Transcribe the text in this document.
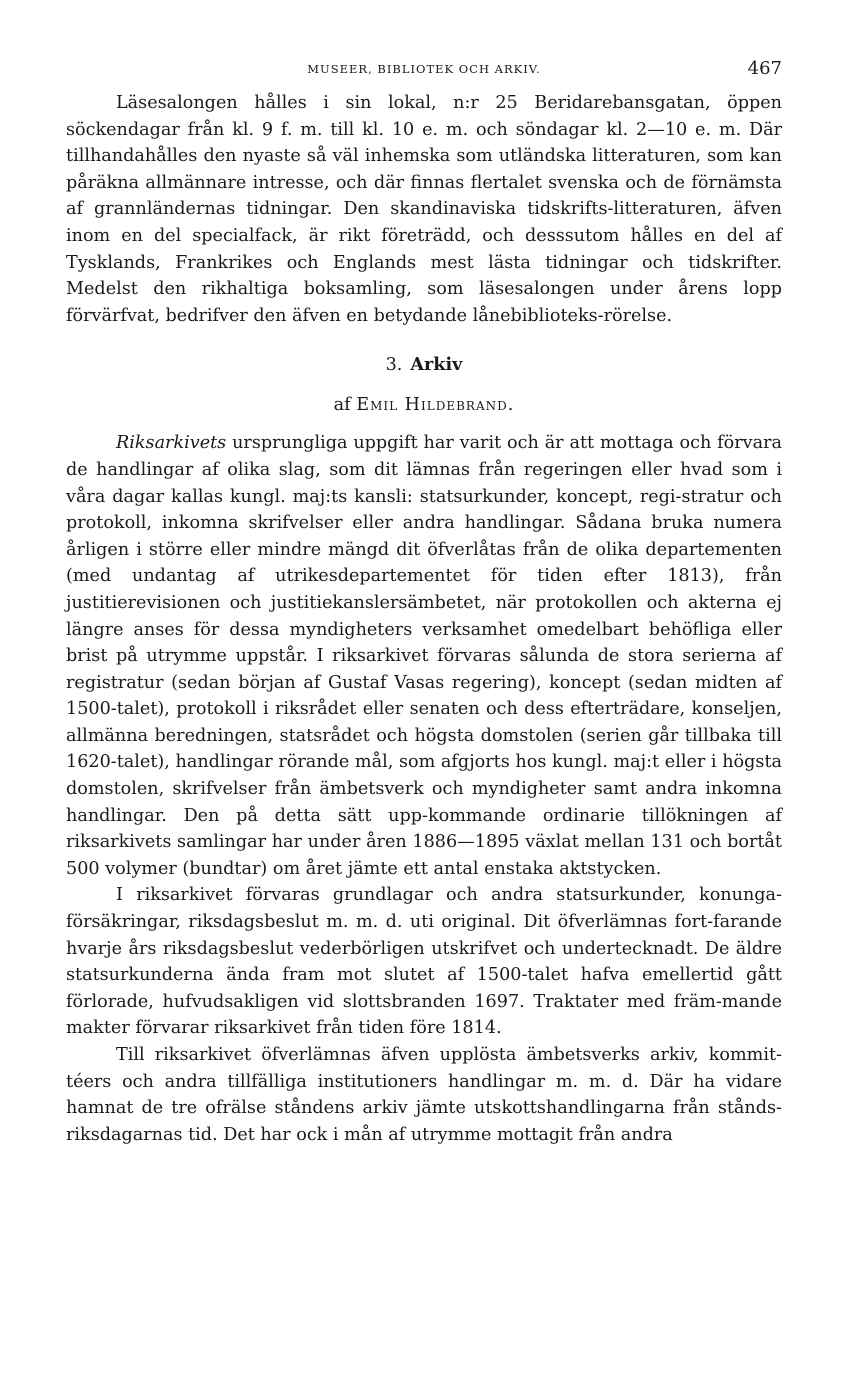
MUSEER, BIBLIOTEK OCH ARKIV.	467

Läsesalongen hålles i sin lokal, n:r 25 Beridarebansgatan, öppen söckendagar från kl. 9 f. m. till kl. 10 e. m. och söndagar kl. 2—10 e. m. Där tillhandahålles den nyaste så väl inhemska som utländska litteraturen, som kan påräkna allmännare intresse, och där finnas flertalet svenska och de förnämsta af grannländernas tidningar. Den skandinaviska tidskrifts-litteraturen, äfven inom en del specialfack, är rikt företrädd, och desssutom hålles en del af Tysklands, Frankrikes och Englands mest lästa tidningar och tidskrifter. Medelst den rikhaltiga boksamling, som läsesalongen under årens lopp förvärfvat, bedrifver den äfven en betydande lånebiblioteks-rörelse.

3. Arkiv
af Emil Hildebrand.

Riksarkivets ursprungliga uppgift har varit och är att mottaga och förvara de handlingar af olika slag, som dit lämnas från regeringen eller hvad som i våra dagar kallas kungl. maj:ts kansli: statsurkunder, koncept, regi-stratur och protokoll, inkomna skrifvelser eller andra handlingar. Sådana bruka numera årligen i större eller mindre mängd dit öfverlåtas från de olika departementen (med undantag af utrikesdepartementet för tiden efter 1813), från justitierevisionen och justitiekanslersämbetet, när protokollen och akterna ej längre anses för dessa myndigheters verksamhet omedelbart behöfliga eller brist på utrymme uppstår. I riksarkivet förvaras sålunda de stora serierna af registratur (sedan början af Gustaf Vasas regering), koncept (sedan midten af 1500-talet), protokoll i riksrådet eller senaten och dess efterträdare, konseljen, allmänna beredningen, statsrådet och högsta domstolen (serien går tillbaka till 1620-talet), handlingar rörande mål, som afgjorts hos kungl. maj:t eller i högsta domstolen, skrifvelser från ämbetsverk och myndigheter samt andra inkomna handlingar. Den på detta sätt upp-kommande ordinarie tillökningen af riksarkivets samlingar har under åren 1886—1895 växlat mellan 131 och bortåt 500 volymer (bundtar) om året jämte ett antal enstaka aktstycken.

I riksarkivet förvaras grundlagar och andra statsurkunder, konunga-försäkringar, riksdagsbeslut m. m. d. uti original. Dit öfverlämnas fort-farande hvarje års riksdagsbeslut vederbörligen utskrifvet och undertecknadt. De äldre statsurkunderna ända fram mot slutet af 1500-talet hafva emellertid gått förlorade, hufvudsakligen vid slottsbranden 1697. Traktater med främ-mande makter förvarar riksarkivet från tiden före 1814.

Till riksarkivet öfverlämnas äfven upplösta ämbetsverks arkiv, kommit-téers och andra tillfälliga institutioners handlingar m. m. d. Där ha vidare hamnat de tre ofrälse ståndens arkiv jämte utskottshandlingarna från stånds-riksdagarnas tid. Det har ock i mån af utrymme mottagit från andra
